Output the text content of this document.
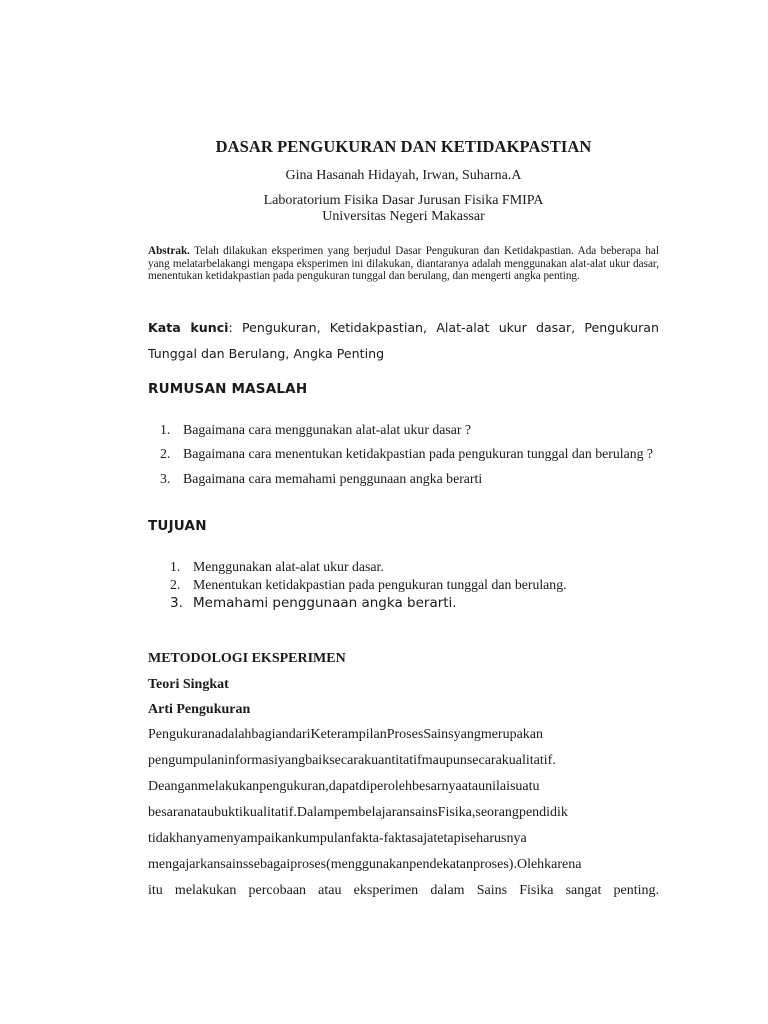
DASAR PENGUKURAN DAN KETIDAKPASTIAN
Gina Hasanah Hidayah, Irwan, Suharna.A
Laboratorium Fisika Dasar Jurusan Fisika FMIPA
Universitas Negeri Makassar
Abstrak. Telah dilakukan eksperimen yang berjudul Dasar Pengukuran dan Ketidakpastian. Ada beberapa hal yang melatarbelakangi mengapa eksperimen ini dilakukan, diantaranya adalah menggunakan alat-alat ukur dasar, menentukan ketidakpastian pada pengukuran tunggal dan berulang, dan mengerti angka penting.
Kata kunci: Pengukuran, Ketidakpastian, Alat-alat ukur dasar, Pengukuran Tunggal dan Berulang, Angka Penting
RUMUSAN MASALAH
1. Bagaimana cara menggunakan alat-alat ukur dasar ?
2. Bagaimana cara menentukan ketidakpastian pada pengukuran tunggal dan berulang ?
3. Bagaimana cara memahami penggunaan angka berarti
TUJUAN
1. Menggunakan alat-alat ukur dasar.
2. Menentukan ketidakpastian pada pengukuran tunggal dan berulang.
3. Memahami penggunaan angka berarti.
METODOLOGI EKSPERIMEN
Teori Singkat
Arti Pengukuran
PengukuranadalahbagiandariKeterampilanProsesSainsyangmerupakan
pengumpulaninformasiyangbaiksecarakuantitatifmaupunsecarakualitatif.
Deanganmelakukanpengukuran,dapatdiperolehbesarnyaataunilaisuatu
besaranataubuktikualitatif.DalampembelajaransainsFisika,seorangpendidik
tidakhanyamenyampaikankumpulanfakta-faktasajatetapiseharusnya
mengajarkansainssebagaiproses(menggunakanpendekatanproses).Olehkarena
itu melakukan percobaan atau eksperimen dalam Sains Fisika sangat penting.
